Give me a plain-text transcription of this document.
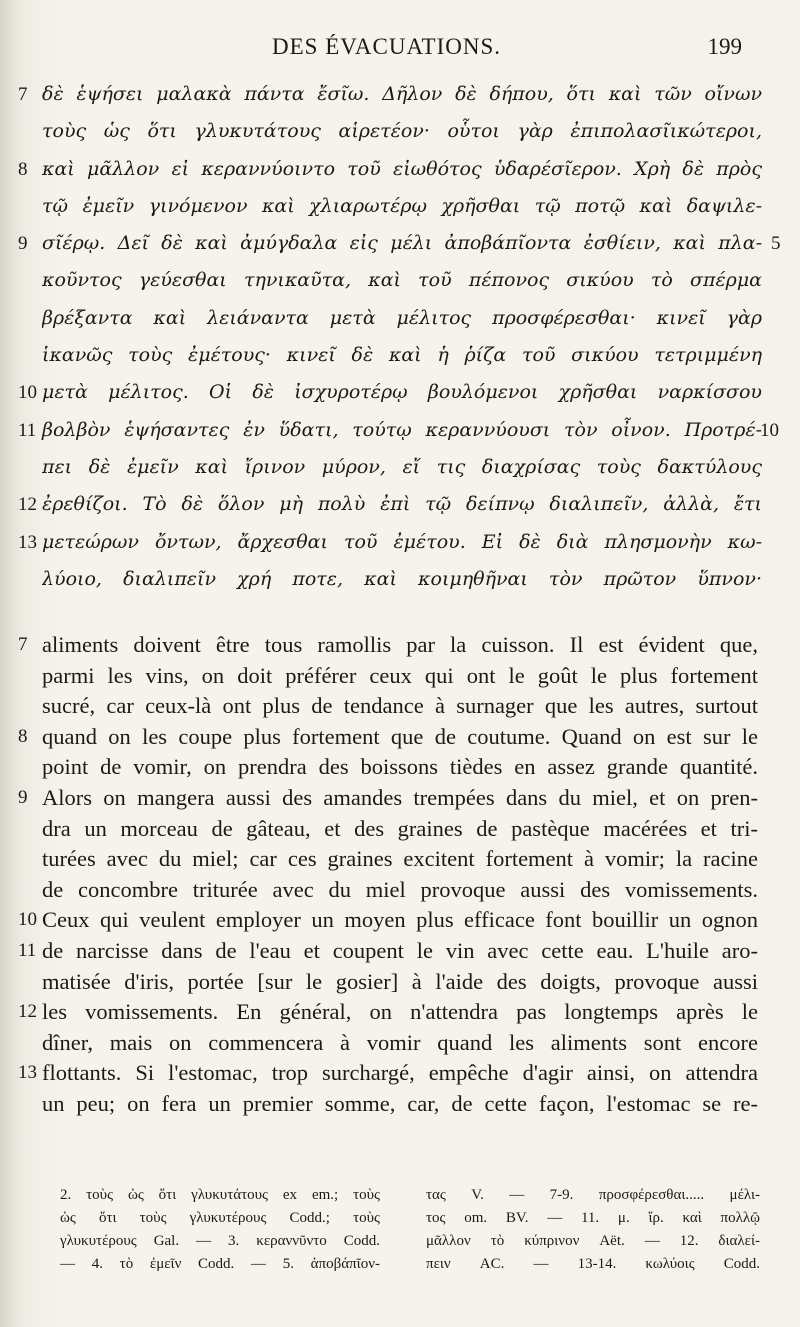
DES ÉVACUATIONS.	199
7 δὲ ἑψήσει μαλακὰ πάντα ἔσῖω. Δῆλον δὲ δήπου, ὅτι καὶ τῶν οἴνων
τοὺς ὡς ὅτι γλυκυτάτους αἱρετέον· οὗτοι γὰρ ἐπιπολασῖικώτεροι,
8 καὶ μᾶλλον εἰ κεραννύοιντο τοῦ εἰωθότος ὑδαρέσῖερον. Χρὴ δὲ πρὸς
τῷ ἐμεῖν γινόμενον καὶ χλιαρωτέρῳ χρῆσθαι τῷ ποτῷ καὶ δαψιλε-
9 σῖέρῳ. Δεῖ δὲ καὶ ἀμύγδαλα εἰς μέλι ἀποβάπῖοντα ἐσθίειν, καὶ πλα-
κοῦντος γεύεσθαι τηνικαῦτα, καὶ τοῦ πέπονος σικύου τὸ σπέρμα
βρέξαντα καὶ λειάναντα μετὰ μέλιτος προσφέρεσθαι· κινεῖ γὰρ
ἱκανῶς τοὺς ἐμέτους· κινεῖ δὲ καὶ ἡ ῥίζα τοῦ σικύου τετριμμένη
10 μετὰ μέλιτος. Οἱ δὲ ἰσχυροτέρῳ βουλόμενοι χρῆσθαι ναρκίσσου
11 βολβὸν ἑψήσαντες ἐν ὕδατι, τούτῳ κεραννύουσι τὸν οἶνον. Προτρέ-
πει δὲ ἐμεῖν καὶ ἴρινον μύρον, εἴ τις διαχρίσας τοὺς δακτύλους
12 ἐρεθίζοι. Τὸ δὲ ὅλον μὴ πολὺ ἐπὶ τῷ δείπνῳ διαλιπεῖν, ἀλλὰ, ἔτι
13 μετεώρων ὄντων, ἄρχεσθαι τοῦ ἐμέτου. Εἰ δὲ διὰ πλησμονὴν κω-
λύοιο, διαλιπεῖν χρή ποτε, καὶ κοιμηθῆναι τὸν πρῶτον ὕπνον·
5
10
7 aliments doivent être tous ramollis par la cuisson. Il est évident que,
parmi les vins, on doit préférer ceux qui ont le goût le plus fortement
sucré, car ceux-là ont plus de tendance à surnager que les autres, surtout
8 quand on les coupe plus fortement que de coutume. Quand on est sur le
point de vomir, on prendra des boissons tièdes en assez grande quantité.
9 Alors on mangera aussi des amandes trempées dans du miel, et on pren-
dra un morceau de gâteau, et des graines de pastèque macérées et tri-
turées avec du miel; car ces graines excitent fortement à vomir; la racine
de concombre triturée avec du miel provoque aussi des vomissements.
10 Ceux qui veulent employer un moyen plus efficace font bouillir un ognon
11 de narcisse dans de l'eau et coupent le vin avec cette eau. L'huile aro-
matisée d'iris, portée [sur le gosier] à l'aide des doigts, provoque aussi
12 les vomissements. En général, on n'attendra pas longtemps après le
dîner, mais on commencera à vomir quand les aliments sont encore
13 flottants. Si l'estomac, trop surchargé, empêche d'agir ainsi, on attendra
un peu; on fera un premier somme, car, de cette façon, l'estomac se re-
2. τοὺς ὡς ὅτι γλυκυτάτους ex em.; τοὺς
ὡς ὅτι τοὺς γλυκυτέρους Codd.; τοὺς
γλυκυτέρους Gal. — 3. κεραννῦντο Codd.
— 4. τὸ ἐμεῖν Codd. — 5. ἀποβάπῖον-
τας V. — 7-9. προσφέρεσθαι..... μέλι-
τος om. BV. — 11. μ. ἴρ. καὶ πολλῷ
μᾶλλον τὸ κύπρινον Aët. — 12. διαλεί-
πειν AC. — 13-14. κωλύοις Codd.
